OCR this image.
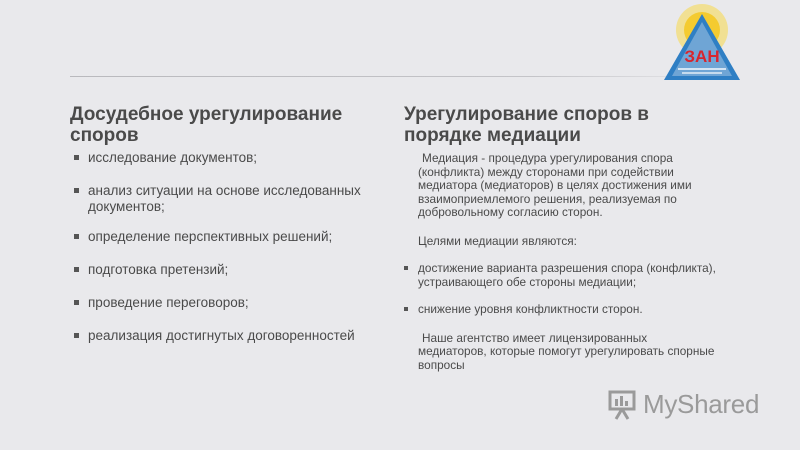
ЗАН
Досудебное урегулирование споров
Урегулирование споров в порядке медиации
исследование документов;
анализ ситуации на основе исследованных документов;
определение перспективных решений;
подготовка претензий;
проведение переговоров;
реализация достигнутых договоренностей

Медиация - процедура урегулирования спора (конфликта) между сторонами при содействии медиатора (медиаторов) в целях достижения ими взаимоприемлемого решения, реализуемая по добровольному согласию сторон.

Целями медиации являются:

достижение варианта разрешения спора (конфликта), устраивающего обе стороны медиации;
снижение уровня конфликтности сторон.

Наше агентство имеет лицензированных медиаторов, которые помогут урегулировать спорные вопросы

MyShared
